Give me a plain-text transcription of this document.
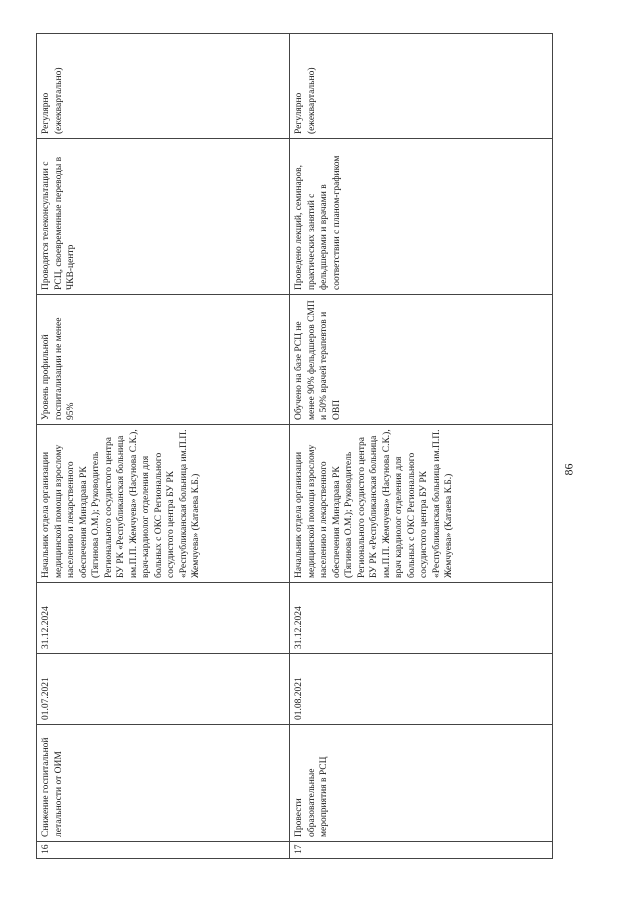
16	Снижение госпитальной летальности от ОИМ	01.07.2021	31.12.2024	Начальник отдела организации медицинской помощи взрослому населению и лекарственного обеспечения Минздрава РК (Тягинова О.М.); Руководитель Регионального сосудистого центра БУ РК «Республиканская больница им.П.П. Жемчуева» (Насунова С.К.), врач-кардиолог отделения для больных с ОКС Регионального сосудистого центра БУ РК «Республиканская больница им.П.П. Жемчуева» (Катаева К.Б.)	Уровень профильной госпитализации не менее 95%	Проводятся телеконсультации с РСЦ, своевременные переводы в ЧКВ-центр	Регулярно (ежеквартально)
17	Провести образовательные мероприятия в РСЦ	01.08.2021	31.12.2024	Начальник отдела организации медицинской помощи взрослому населению и лекарственного обеспечения Минздрава РК (Тягинова О.М.); Руководитель Регионального сосудистого центра БУ РК «Республиканская больница им.П.П. Жемчуева» (Насунова С.К.), врач кардиолог отделения для больных с ОКС Регионального сосудистого центра БУ РК «Республиканская больница им.П.П. Жемчуева» (Катаева К.Б.)	Обучено на базе РСЦ не менее 90% фельдшеров СМП и 50% врачей терапевтов и ОВП	Проведено лекций, семинаров, практических занятий с фельдшерами и врачами в соответствии с планом-графиком	Регулярно (ежеквартально)
86
